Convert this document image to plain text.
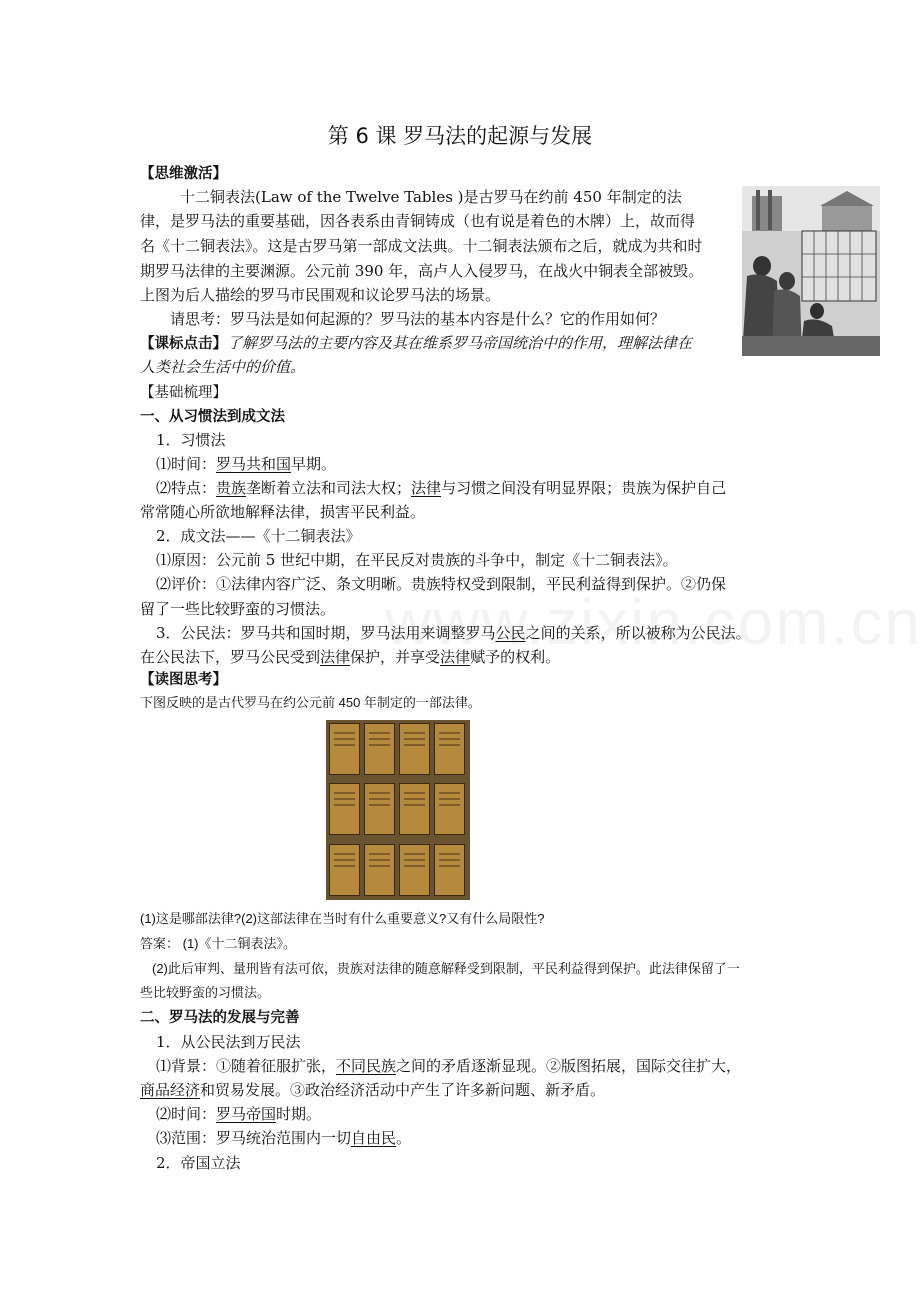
第 6 课 罗马法的起源与发展
【思维激活】
十二铜表法(Law of the Twelve Tables )是古罗马在约前 450 年制定的法
律，是罗马法的重要基础，因各表系由青铜铸成（也有说是着色的木牌）上，故而得
名《十二铜表法》。这是古罗马第一部成文法典。十二铜表法颁布之后，就成为共和时
期罗马法律的主要渊源。公元前 390 年，高卢人入侵罗马，在战火中铜表全部被毁。
上图为后人描绘的罗马市民围观和议论罗马法的场景。
请思考：罗马法是如何起源的？罗马法的基本内容是什么？它的作用如何？
【课标点击】了解罗马法的主要内容及其在维系罗马帝国统治中的作用，理解法律在
人类社会生活中的价值。
【基础梳理】
一、从习惯法到成文法
1．习惯法
⑴时间：罗马共和国早期。
⑵特点：贵族垄断着立法和司法大权；法律与习惯之间没有明显界限；贵族为保护自己
常常随心所欲地解释法律，损害平民利益。
2．成文法——《十二铜表法》
⑴原因：公元前 5 世纪中期，在平民反对贵族的斗争中，制定《十二铜表法》。
⑵评价：①法律内容广泛、条文明晰。贵族特权受到限制，平民利益得到保护。②仍保
留了一些比较野蛮的习惯法。
3．公民法：罗马共和国时期，罗马法用来调整罗马公民之间的关系，所以被称为公民法。
在公民法下，罗马公民受到法律保护，并享受法律赋予的权利。
【读图思考】
下图反映的是古代罗马在约公元前 450 年制定的一部法律。
(1)这是哪部法律?(2)这部法律在当时有什么重要意义?又有什么局限性?
答案： (1)《十二铜表法》。
(2)此后审判、量刑皆有法可依，贵族对法律的随意解释受到限制，平民利益得到保护。此法律保留了一
些比较野蛮的习惯法。
二、罗马法的发展与完善
1．从公民法到万民法
⑴背景：①随着征服扩张，不同民族之间的矛盾逐渐显现。②版图拓展，国际交往扩大，
商品经济和贸易发展。③政治经济活动中产生了许多新问题、新矛盾。
⑵时间：罗马帝国时期。
⑶范围：罗马统治范围内一切自由民。
2．帝国立法
